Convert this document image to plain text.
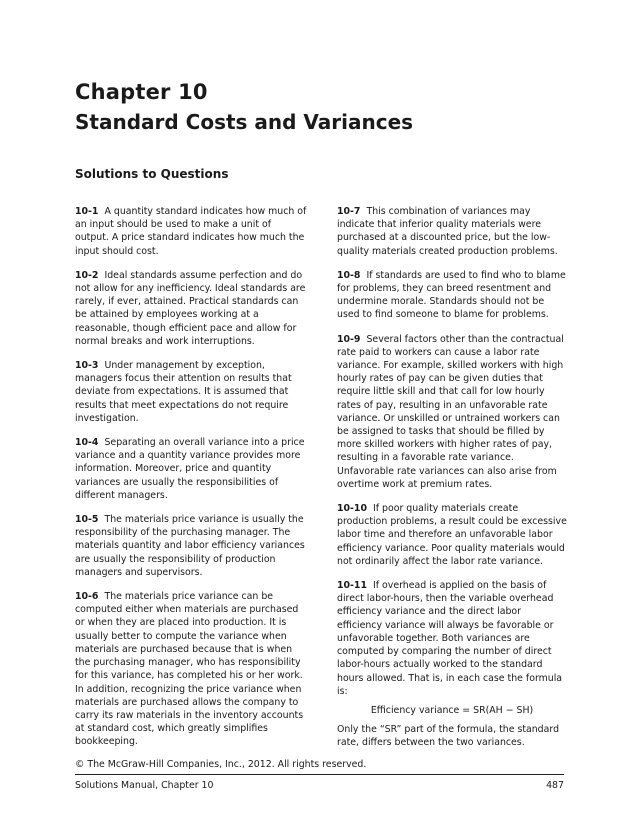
Chapter 10
Standard Costs and Variances
Solutions to Questions

10-1 A quantity standard indicates how much of an input should be used to make a unit of output. A price standard indicates how much the input should cost.

10-2 Ideal standards assume perfection and do not allow for any inefficiency. Ideal standards are rarely, if ever, attained. Practical standards can be attained by employees working at a reasonable, though efficient pace and allow for normal breaks and work interruptions.

10-3 Under management by exception, managers focus their attention on results that deviate from expectations. It is assumed that results that meet expectations do not require investigation.

10-4 Separating an overall variance into a price variance and a quantity variance provides more information. Moreover, price and quantity variances are usually the responsibilities of different managers.

10-5 The materials price variance is usually the responsibility of the purchasing manager. The materials quantity and labor efficiency variances are usually the responsibility of production managers and supervisors.

10-6 The materials price variance can be computed either when materials are purchased or when they are placed into production. It is usually better to compute the variance when materials are purchased because that is when the purchasing manager, who has responsibility for this variance, has completed his or her work. In addition, recognizing the price variance when materials are purchased allows the company to carry its raw materials in the inventory accounts at standard cost, which greatly simplifies bookkeeping.

10-7 This combination of variances may indicate that inferior quality materials were purchased at a discounted price, but the low-quality materials created production problems.

10-8 If standards are used to find who to blame for problems, they can breed resentment and undermine morale. Standards should not be used to find someone to blame for problems.

10-9 Several factors other than the contractual rate paid to workers can cause a labor rate variance. For example, skilled workers with high hourly rates of pay can be given duties that require little skill and that call for low hourly rates of pay, resulting in an unfavorable rate variance. Or unskilled or untrained workers can be assigned to tasks that should be filled by more skilled workers with higher rates of pay, resulting in a favorable rate variance. Unfavorable rate variances can also arise from overtime work at premium rates.

10-10 If poor quality materials create production problems, a result could be excessive labor time and therefore an unfavorable labor efficiency variance. Poor quality materials would not ordinarily affect the labor rate variance.

10-11 If overhead is applied on the basis of direct labor-hours, then the variable overhead efficiency variance and the direct labor efficiency variance will always be favorable or unfavorable together. Both variances are computed by comparing the number of direct labor-hours actually worked to the standard hours allowed. That is, in each case the formula is:

Efficiency variance = SR(AH − SH)

Only the “SR” part of the formula, the standard rate, differs between the two variances.

© The McGraw-Hill Companies, Inc., 2012. All rights reserved.
Solutions Manual, Chapter 10	487
